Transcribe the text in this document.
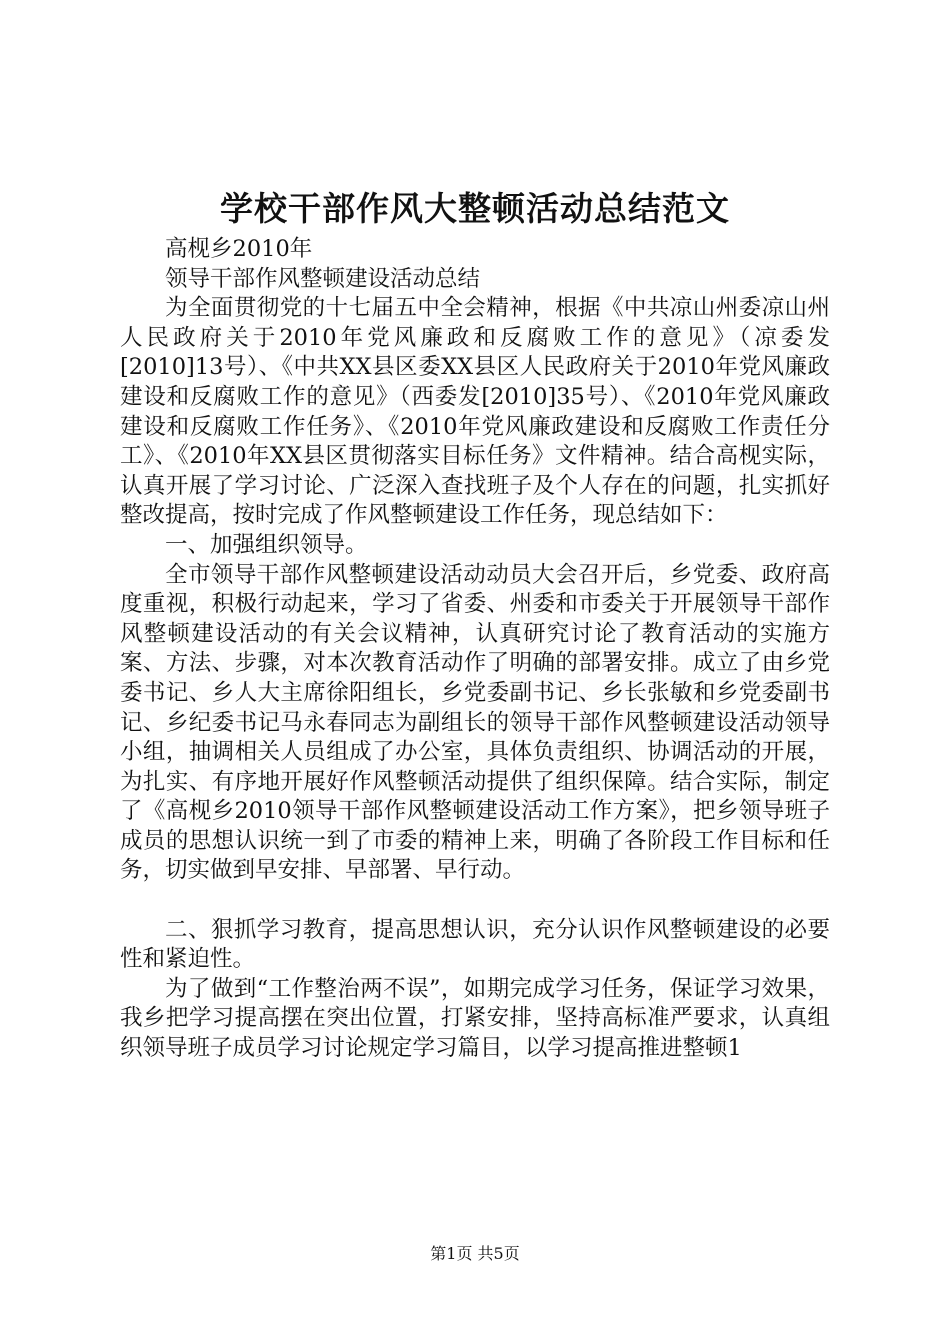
学校干部作风大整顿活动总结范文

高枧乡2010年

领导干部作风整顿建设活动总结

为全面贯彻党的十七届五中全会精神，根据《中共凉山州委凉山州人民政府关于2010年党风廉政和反腐败工作的意见》（凉委发[2010]13号）、《中共XX县区委XX县区人民政府关于2010年党风廉政建设和反腐败工作的意见》（西委发[2010]35号）、《2010年党风廉政建设和反腐败工作任务》、《2010年党风廉政建设和反腐败工作责任分工》、《2010年XX县区贯彻落实目标任务》文件精神。结合高枧实际，认真开展了学习讨论、广泛深入查找班子及个人存在的问题，扎实抓好整改提高，按时完成了作风整顿建设工作任务，现总结如下：

一、加强组织领导。

全市领导干部作风整顿建设活动动员大会召开后，乡党委、政府高度重视，积极行动起来，学习了省委、州委和市委关于开展领导干部作风整顿建设活动的有关会议精神，认真研究讨论了教育活动的实施方案、方法、步骤，对本次教育活动作了明确的部署安排。成立了由乡党委书记、乡人大主席徐阳组长，乡党委副书记、乡长张敏和乡党委副书记、乡纪委书记马永春同志为副组长的领导干部作风整顿建设活动领导小组，抽调相关人员组成了办公室，具体负责组织、协调活动的开展，为扎实、有序地开展好作风整顿活动提供了组织保障。结合实际，制定了《高枧乡2010领导干部作风整顿建设活动工作方案》，把乡领导班子成员的思想认识统一到了市委的精神上来，明确了各阶段工作目标和任务，切实做到早安排、早部署、早行动。

二、狠抓学习教育，提高思想认识，充分认识作风整顿建设的必要性和紧迫性。

为了做到“工作整治两不误”，如期完成学习任务，保证学习效果，我乡把学习提高摆在突出位置，打紧安排，坚持高标准严要求，认真组织领导班子成员学习讨论规定学习篇目，以学习提高推进整顿1

第1页 共5页
